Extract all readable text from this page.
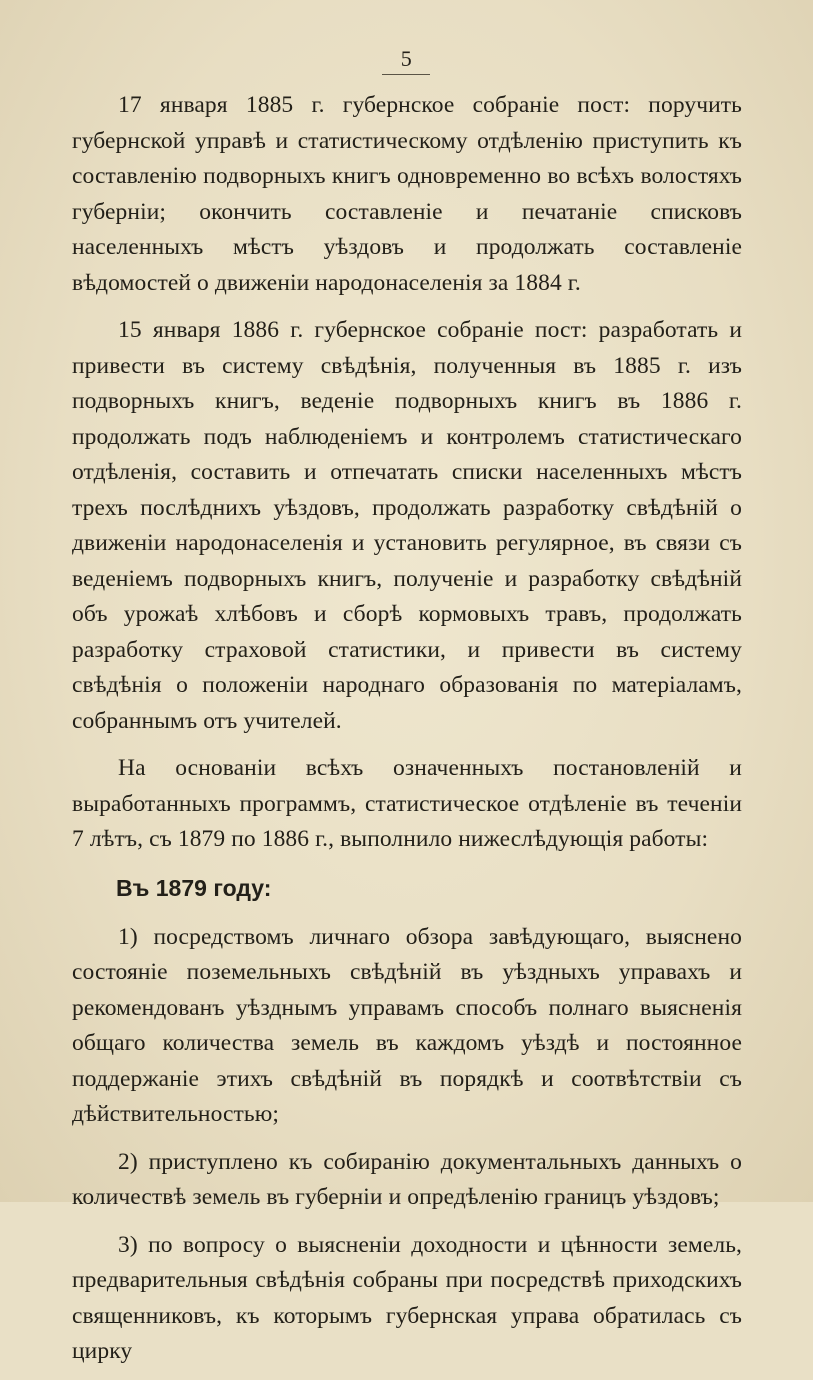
5

17 января 1885 г. губернское собраніе пост: поручить губернской управѣ и статистическому отдѣленію приступить къ составленію подворныхъ книгъ одновременно во всѣхъ волостяхъ губерніи; окончить составленіе и печатаніе списковъ населенныхъ мѣстъ уѣздовъ и продолжать составленіе вѣдомостей о движеніи народонаселенія за 1884 г.

15 января 1886 г. губернское собраніе пост: разработать и привести въ систему свѣдѣнія, полученныя въ 1885 г. изъ подворныхъ книгъ, веденіе подворныхъ книгъ въ 1886 г. продолжать подъ наблюденіемъ и контролемъ статистическаго отдѣленія, составить и отпечатать списки населенныхъ мѣстъ трехъ послѣднихъ уѣздовъ, продолжать разработку свѣдѣній о движеніи народонаселенія и установить регулярное, въ связи съ веденіемъ подворныхъ книгъ, полученіе и разработку свѣдѣній объ урожаѣ хлѣбовъ и сборѣ кормовыхъ травъ, продолжать разработку страховой статистики, и привести въ систему свѣдѣнія о положеніи народнаго образованія по матеріаламъ, собраннымъ отъ учителей.

На основаніи всѣхъ означенныхъ постановленій и выработанныхъ программъ, статистическое отдѣленіе въ теченіи 7 лѣтъ, съ 1879 по 1886 г., выполнило нижеслѣдующія работы:

Въ 1879 году:

1) посредствомъ личнаго обзора завѣдующаго, выяснено состояніе поземельныхъ свѣдѣній въ уѣздныхъ управахъ и рекомендованъ уѣзднымъ управамъ способъ полнаго выясненія общаго количества земель въ каждомъ уѣздѣ и постоянное поддержаніе этихъ свѣдѣній въ порядкѣ и соотвѣтствіи съ дѣйствительностью;

2) приступлено къ собиранію документальныхъ данныхъ о количествѣ земель въ губерніи и опредѣленію границъ уѣздовъ;

3) по вопросу о выясненіи доходности и цѣнности земель, предварительныя свѣдѣнія собраны при посредствѣ приходскихъ священниковъ, къ которымъ губернская управа обратилась съ цирку
